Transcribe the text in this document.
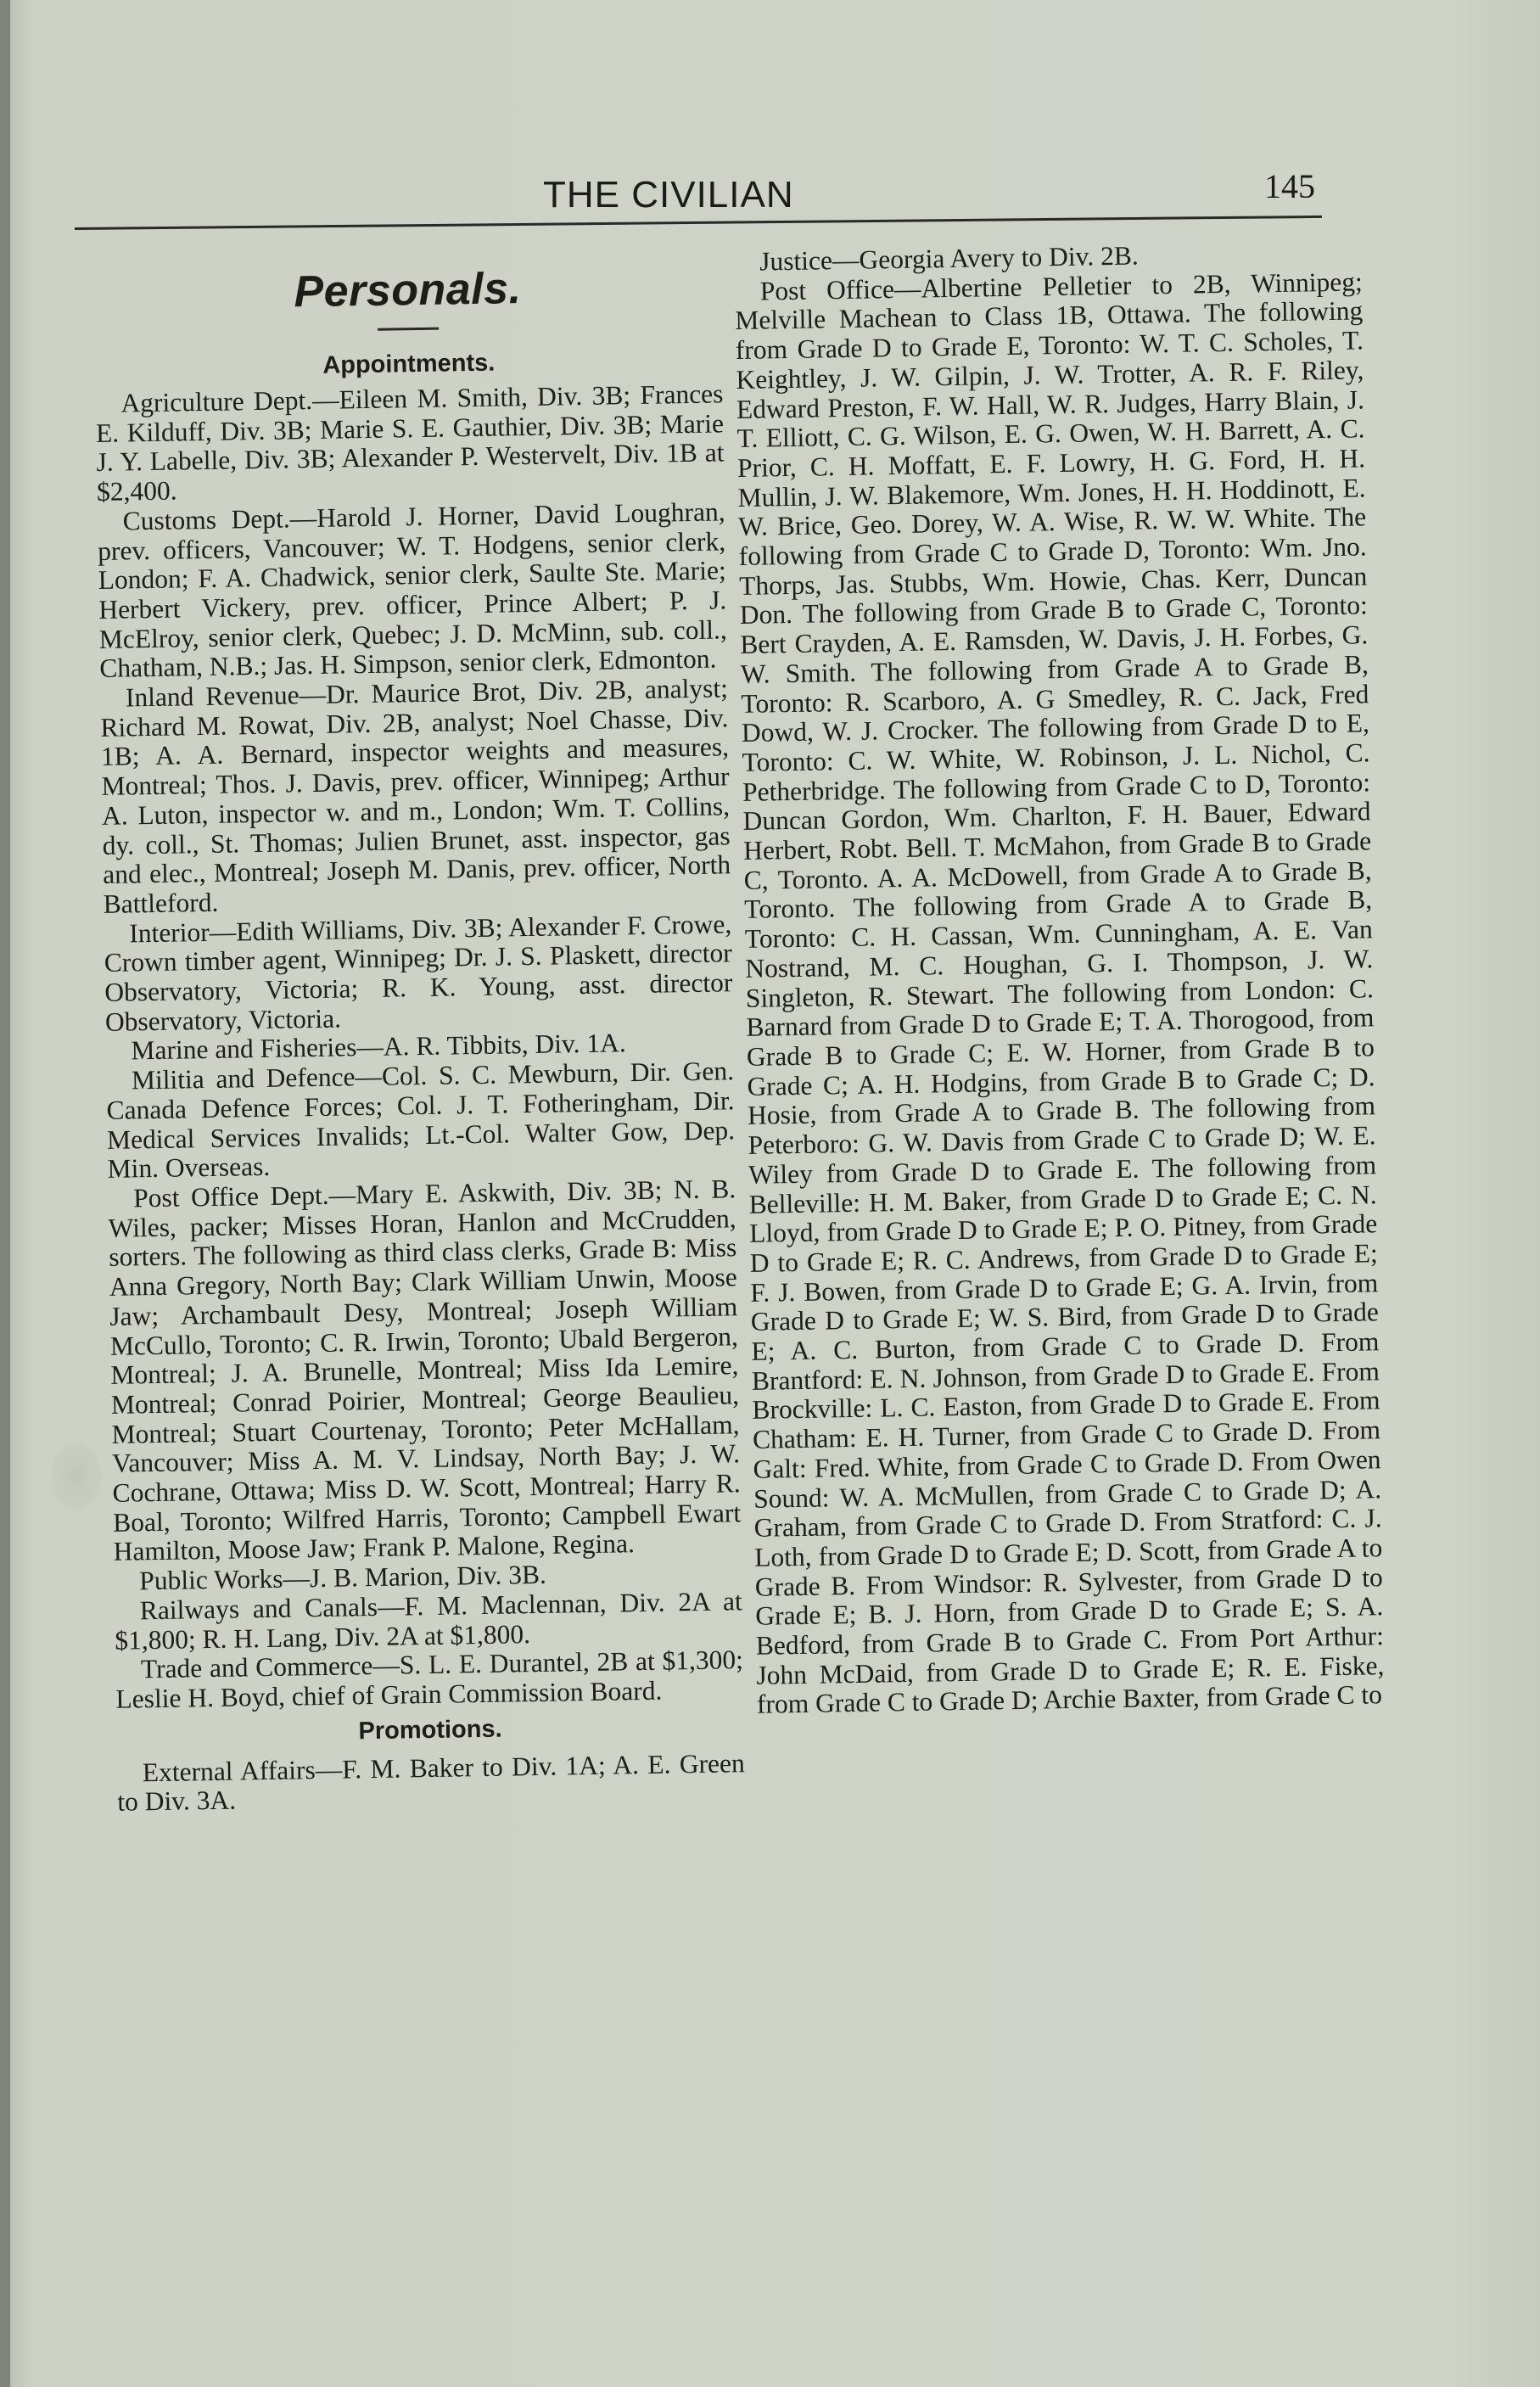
THE CIVILIAN	145
Personals.
Appointments.

Agriculture Dept.—Eileen M. Smith, Div. 3B; Frances E. Kilduff, Div. 3B; Marie S. E. Gauthier, Div. 3B; Marie J. Y. Labelle, Div. 3B; Alexander P. Westervelt, Div. 1B at $2,400.

Customs Dept.—Harold J. Horner, David Loughran, prev. officers, Vancouver; W. T. Hodgens, senior clerk, London; F. A. Chadwick, senior clerk, Saulte Ste. Marie; Herbert Vickery, prev. officer, Prince Albert; P. J. McElroy, senior clerk, Quebec; J. D. McMinn, sub. coll., Chatham, N.B.; Jas. H. Simpson, senior clerk, Edmonton.

Inland Revenue—Dr. Maurice Brot, Div. 2B, analyst; Richard M. Rowat, Div. 2B, analyst; Noel Chasse, Div. 1B; A. A. Bernard, inspector weights and measures, Montreal; Thos. J. Davis, prev. officer, Winnipeg; Arthur A. Luton, inspector w. and m., London; Wm. T. Collins, dy. coll., St. Thomas; Julien Brunet, asst. inspector, gas and elec., Montreal; Joseph M. Danis, prev. officer, North Battleford.

Interior—Edith Williams, Div. 3B; Alexander F. Crowe, Crown timber agent, Winnipeg; Dr. J. S. Plaskett, director Observatory, Victoria; R. K. Young, asst. director Observatory, Victoria.

Marine and Fisheries—A. R. Tibbits, Div. 1A.

Militia and Defence—Col. S. C. Mewburn, Dir. Gen. Canada Defence Forces; Col. J. T. Fotheringham, Dir. Medical Services Invalids; Lt.-Col. Walter Gow, Dep. Min. Overseas.

Post Office Dept.—Mary E. Askwith, Div. 3B; N. B. Wiles, packer; Misses Horan, Hanlon and McCrudden, sorters. The following as third class clerks, Grade B: Miss Anna Gregory, North Bay; Clark William Unwin, Moose Jaw; Archambault Desy, Montreal; Joseph William McCullo, Toronto; C. R. Irwin, Toronto; Ubald Bergeron, Montreal; J. A. Brunelle, Montreal; Miss Ida Lemire, Montreal; Conrad Poirier, Montreal; George Beaulieu, Montreal; Stuart Courtenay, Toronto; Peter McHallam, Vancouver; Miss A. M. V. Lindsay, North Bay; J. W. Cochrane, Ottawa; Miss D. W. Scott, Montreal; Harry R. Boal, Toronto; Wilfred Harris, Toronto; Campbell Ewart Hamilton, Moose Jaw; Frank P. Malone, Regina.

Public Works—J. B. Marion, Div. 3B.

Railways and Canals—F. M. Maclennan, Div. 2A at $1,800; R. H. Lang, Div. 2A at $1,800.

Trade and Commerce—S. L. E. Durantel, 2B at $1,300; Leslie H. Boyd, chief of Grain Commission Board.

Promotions.

External Affairs—F. M. Baker to Div. 1A; A. E. Green to Div. 3A.

Justice—Georgia Avery to Div. 2B.

Post Office—Albertine Pelletier to 2B, Winnipeg; Melville Machean to Class 1B, Ottawa. The following from Grade D to Grade E, Toronto: W. T. C. Scholes, T. Keightley, J. W. Gilpin, J. W. Trotter, A. R. F. Riley, Edward Preston, F. W. Hall, W. R. Judges, Harry Blain, J. T. Elliott, C. G. Wilson, E. G. Owen, W. H. Barrett, A. C. Prior, C. H. Moffatt, E. F. Lowry, H. G. Ford, H. H. Mullin, J. W. Blakemore, Wm. Jones, H. H. Hoddinott, E. W. Brice, Geo. Dorey, W. A. Wise, R. W. W. White. The following from Grade C to Grade D, Toronto: Wm. Jno. Thorps, Jas. Stubbs, Wm. Howie, Chas. Kerr, Duncan Don. The following from Grade B to Grade C, Toronto: Bert Crayden, A. E. Ramsden, W. Davis, J. H. Forbes, G. W. Smith. The following from Grade A to Grade B, Toronto: R. Scarboro, A. G Smedley, R. C. Jack, Fred Dowd, W. J. Crocker. The following from Grade D to E, Toronto: C. W. White, W. Robinson, J. L. Nichol, C. Petherbridge. The following from Grade C to D, Toronto: Duncan Gordon, Wm. Charlton, F. H. Bauer, Edward Herbert, Robt. Bell. T. McMahon, from Grade B to Grade C, Toronto. A. A. McDowell, from Grade A to Grade B, Toronto. The following from Grade A to Grade B, Toronto: C. H. Cassan, Wm. Cunningham, A. E. Van Nostrand, M. C. Houghan, G. I. Thompson, J. W. Singleton, R. Stewart. The following from London: C. Barnard from Grade D to Grade E; T. A. Thorogood, from Grade B to Grade C; E. W. Horner, from Grade B to Grade C; A. H. Hodgins, from Grade B to Grade C; D. Hosie, from Grade A to Grade B. The following from Peterboro: G. W. Davis from Grade C to Grade D; W. E. Wiley from Grade D to Grade E. The following from Belleville: H. M. Baker, from Grade D to Grade E; C. N. Lloyd, from Grade D to Grade E; P. O. Pitney, from Grade D to Grade E; R. C. Andrews, from Grade D to Grade E; F. J. Bowen, from Grade D to Grade E; G. A. Irvin, from Grade D to Grade E; W. S. Bird, from Grade D to Grade E; A. C. Burton, from Grade C to Grade D. From Brantford: E. N. Johnson, from Grade D to Grade E. From Brockville: L. C. Easton, from Grade D to Grade E. From Chatham: E. H. Turner, from Grade C to Grade D. From Galt: Fred. White, from Grade C to Grade D. From Owen Sound: W. A. McMullen, from Grade C to Grade D; A. Graham, from Grade C to Grade D. From Stratford: C. J. Loth, from Grade D to Grade E; D. Scott, from Grade A to Grade B. From Windsor: R. Sylvester, from Grade D to Grade E; B. J. Horn, from Grade D to Grade E; S. A. Bedford, from Grade B to Grade C. From Port Arthur: John McDaid, from Grade D to Grade E; R. E. Fiske, from Grade C to Grade D; Archie Baxter, from Grade C to
